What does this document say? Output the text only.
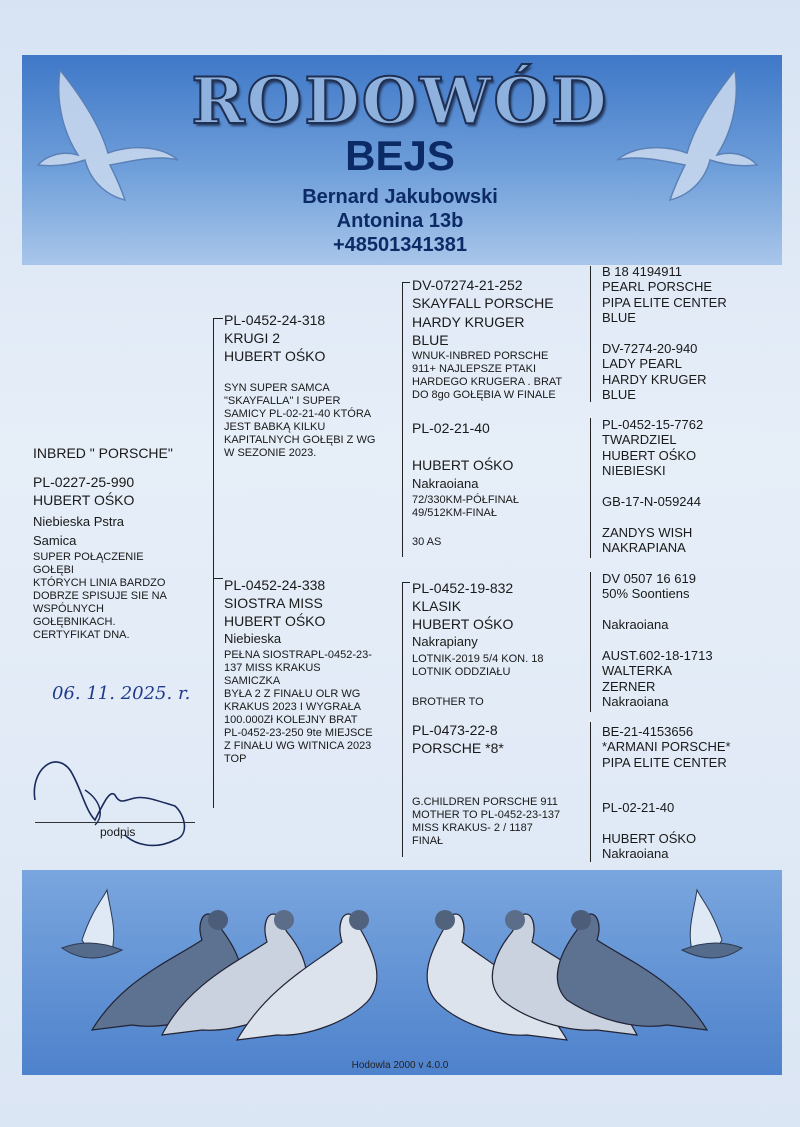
RODOWÓD
BEJS
Bernard Jakubowski
Antonina 13b
+48501341381
INBRED " PORSCHE"
PL-0227-25-990
HUBERT OŚKO
Niebieska Pstra
Samica
SUPER POŁĄCZENIE
GOŁĘBI
KTÓRYCH LINIA BARDZO
DOBRZE SPISUJE SIE NA
WSPÓLNYCH
GOŁĘBNIKACH.
CERTYFIKAT DNA.
06. 11. 2025. r.
podpis
PL-0452-24-318
KRUGI 2
HUBERT OŚKO
SYN SUPER SAMCA
"SKAYFALLA" I SUPER
SAMICY PL-02-21-40 KTÓRA
JEST BABKĄ KILKU
KAPITALNYCH GOŁĘBI Z WG
W SEZONIE 2023.
PL-0452-24-338
SIOSTRA MISS
HUBERT OŚKO
Niebieska
PEŁNA SIOSTRAPL-0452-23-
137 MISS KRAKUS
SAMICZKA
BYŁA 2 Z FINAŁU OLR WG
KRAKUS 2023 I WYGRAŁA
100.000Zł KOLEJNY BRAT
PL-0452-23-250 9te MIEJSCE
Z FINAŁU WG WITNICA 2023
TOP
DV-07274-21-252
SKAYFALL PORSCHE
HARDY KRUGER
BLUE
WNUK-INBRED PORSCHE
911+ NAJLEPSZE PTAKI
HARDEGO KRUGERA . BRAT
DO 8go GOŁĘBIA W FINALE
PL-02-21-40
HUBERT OŚKO
Nakraoiana
72/330KM-PÓŁFINAŁ
49/512KM-FINAŁ
30 AS
PL-0452-19-832
KLASIK
HUBERT OŚKO
Nakrapiany
LOTNIK-2019 5/4 KON. 18
LOTNIK ODDZIAŁU
BROTHER TO
PL-0473-22-8
PORSCHE *8*
G.CHILDREN PORSCHE 911
MOTHER TO PL-0452-23-137
MISS KRAKUS- 2 / 1187
FINAŁ
B 18 4194911
PEARL PORSCHE
PIPA ELITE CENTER
BLUE
DV-7274-20-940
LADY PEARL
HARDY KRUGER
BLUE
PL-0452-15-7762
TWARDZIEL
HUBERT OŚKO
NIEBIESKI
GB-17-N-059244

ZANDYS WISH
NAKRAPIANA
DV 0507 16 619
50% Soontiens

Nakraoiana
AUST.602-18-1713
WALTERKA
ZERNER
Nakraoiana
BE-21-4153656
*ARMANI PORSCHE*
PIPA ELITE CENTER
PL-02-21-40

HUBERT OŚKO
Nakraoiana
Hodowla 2000 v 4.0.0
